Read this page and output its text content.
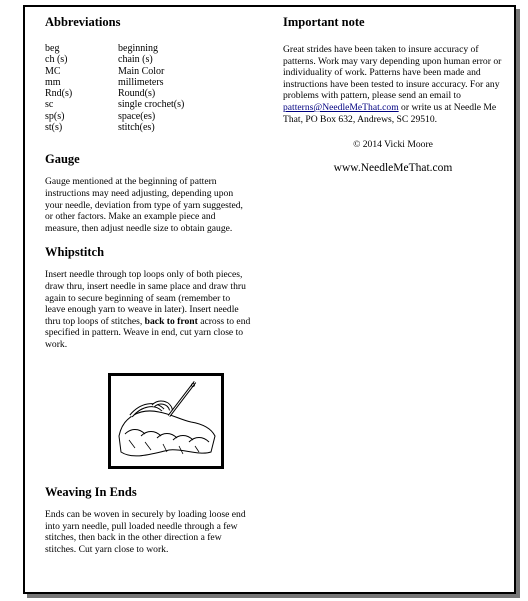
Abbreviations
beg	beginning
ch (s)	chain (s)
MC	Main Color
mm	millimeters
Rnd(s)	Round(s)
sc	single crochet(s)
sp(s)	space(es)
st(s)	stitch(es)
Gauge

Gauge mentioned at the beginning of pattern instructions may need adjusting, depending upon your needle, deviation from type of yarn suggested, or other factors. Make an example piece and measure, then adjust needle size to obtain gauge.

Whipstitch

Insert needle through top loops only of both pieces, draw thru, insert needle in same place and draw thru again to secure beginning of seam (remember to leave enough yarn to weave in later). Insert needle thru top loops of stitches, back to front across to end specified in pattern. Weave in end, cut yarn close to work.

Weaving In Ends

Ends can be woven in securely by loading loose end into yarn needle, pull loaded needle through a few stitches, then back in the other direction a few stitches. Cut yarn close to work.

Important note

Great strides have been taken to insure accuracy of patterns. Work may vary depending upon human error or individuality of work. Patterns have been made and instructions have been tested to insure accuracy. For any problems with pattern, please send an email to patterns@NeedleMeThat.com or write us at Needle Me That, PO Box 632, Andrews, SC 29510.

© 2014 Vicki Moore
www.NeedleMeThat.com
